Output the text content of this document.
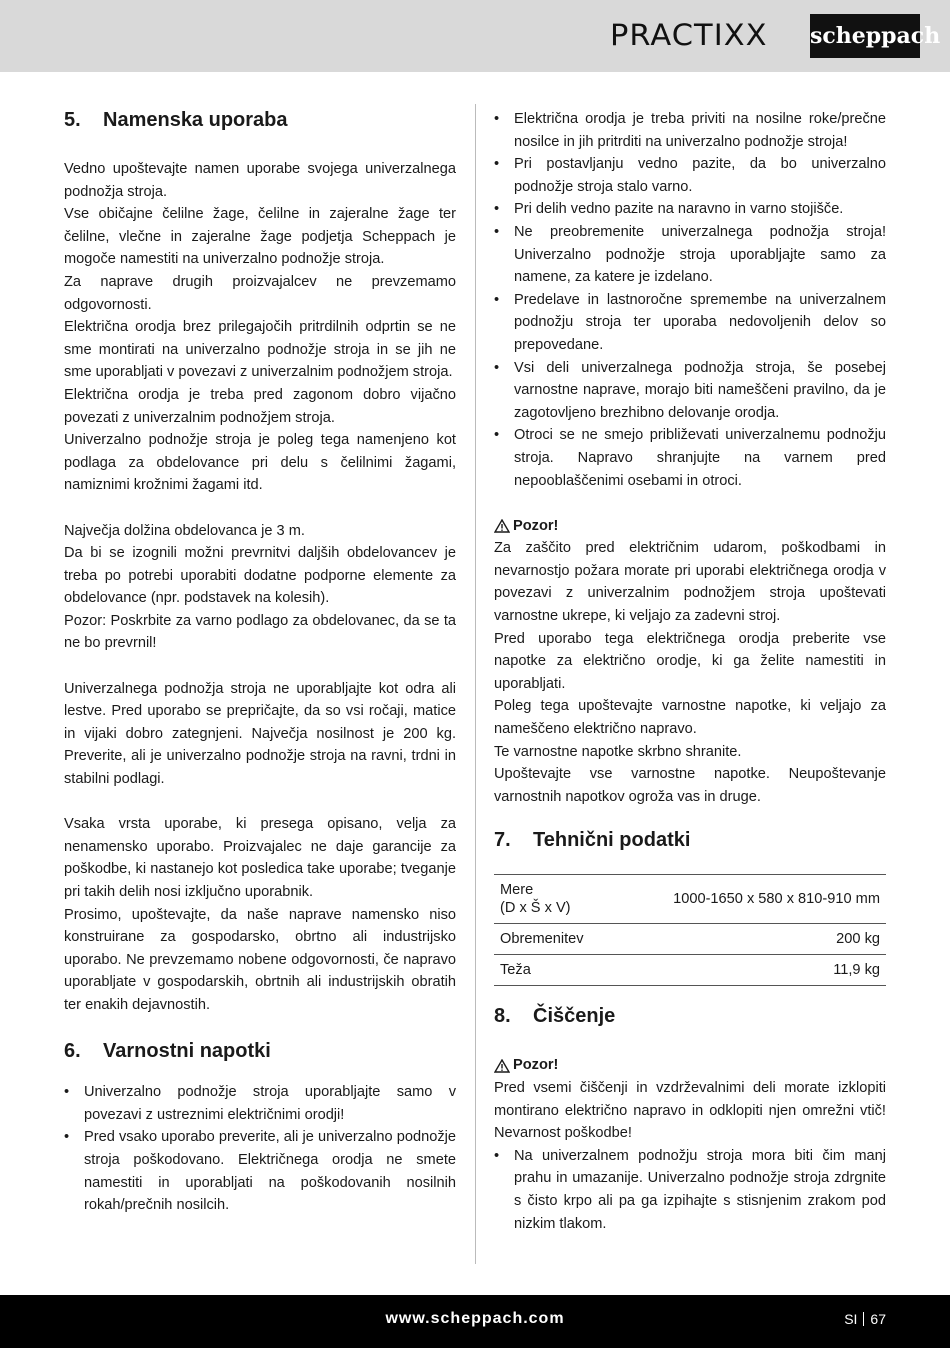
PRACTIXX scheppach
5.	Namenska uporaba

Vedno upoštevajte namen uporabe svojega univerzalnega podnožja stroja.

Vse običajne čelilne žage, čelilne in zajeralne žage ter čelilne, vlečne in zajeralne žage podjetja Scheppach je mogoče namestiti na univerzalno podnožje stroja.

Za naprave drugih proizvajalcev ne prevzemamo odgovornosti.

Električna orodja brez prilegajočih pritrdilnih odprtin se ne sme montirati na univerzalno podnožje stroja in se jih ne sme uporabljati v povezavi z univerzalnim podnožjem stroja.

Električna orodja je treba pred zagonom dobro vijačno povezati z univerzalnim podnožjem stroja.

Univerzalno podnožje stroja je poleg tega namenjeno kot podlaga za obdelovance pri delu s čelilnimi žagami, namiznimi krožnimi žagami itd.

Največja dolžina obdelovanca je 3 m.

Da bi se izognili možni prevrnitvi daljših obdelovancev je treba po potrebi uporabiti dodatne podporne elemente za obdelovance (npr. podstavek na kolesih).

Pozor: Poskrbite za varno podlago za obdelovanec, da se ta ne bo prevrnil!

Univerzalnega podnožja stroja ne uporabljajte kot odra ali lestve. Pred uporabo se prepričajte, da so vsi ročaji, matice in vijaki dobro zategnjeni. Največja nosilnost je 200 kg. Preverite, ali je univerzalno podnožje stroja na ravni, trdni in stabilni podlagi.

Vsaka vrsta uporabe, ki presega opisano, velja za nenamensko uporabo. Proizvajalec ne daje garancije za poškodbe, ki nastanejo kot posledica take uporabe; tveganje pri takih delih nosi izključno uporabnik.

Prosimo, upoštevajte, da naše naprave namensko niso konstruirane za gospodarsko, obrtno ali industrijsko uporabo. Ne prevzemamo nobene odgovornosti, če napravo uporabljate v gospodarskih, obrtnih ali industrijskih obratih ter enakih dejavnostih.

6.	Varnostni napotki
• Univerzalno podnožje stroja uporabljajte samo v povezavi z ustreznimi električnimi orodji!
• Pred vsako uporabo preverite, ali je univerzalno podnožje stroja poškodovano. Električnega orodja ne smete namestiti in uporabljati na poškodovanih nosilnih rokah/prečnih nosilcih.
• Električna orodja je treba priviti na nosilne roke/prečne nosilce in jih pritrditi na univerzalno podnožje stroja!
• Pri postavljanju vedno pazite, da bo univerzalno podnožje stroja stalo varno.
• Pri delih vedno pazite na naravno in varno stojišče.
• Ne preobremenite univerzalnega podnožja stroja! Univerzalno podnožje stroja uporabljajte samo za namene, za katere je izdelano.
• Predelave in lastnoročne spremembe na univerzalnem podnožju stroja ter uporaba nedovoljenih delov so prepovedane.
• Vsi deli univerzalnega podnožja stroja, še posebej varnostne naprave, morajo biti nameščeni pravilno, da je zagotovljeno brezhibno delovanje orodja.
• Otroci se ne smejo približevati univerzalnemu podnožju stroja. Napravo shranjujte na varnem pred nepooblaščenimi osebami in otroci.
Pozor!

Za zaščito pred električnim udarom, poškodbami in nevarnostjo požara morate pri uporabi električnega orodja v povezavi z univerzalnim podnožjem stroja upoštevati varnostne ukrepe, ki veljajo za zadevni stroj.

Pred uporabo tega električnega orodja preberite vse napotke za električno orodje, ki ga želite namestiti in uporabljati.

Poleg tega upoštevajte varnostne napotke, ki veljajo za nameščeno električno napravo.

Te varnostne napotke skrbno shranite.

Upoštevajte vse varnostne napotke. Neupoštevanje varnostnih napotkov ogroža vas in druge.

7.	Tehnični podatki
Mere
(D x Š x V)	1000-1650 x 580 x 810-910 mm
Obremenitev	200 kg
Teža	11,9 kg
8.	Čiščenje
Pozor!

Pred vsemi čiščenji in vzdrževalnimi deli morate izklopiti montirano električno napravo in odklopiti njen omrežni vtič! Nevarnost poškodbe!

• Na univerzalnem podnožju stroja mora biti čim manj prahu in umazanije. Univerzalno podnožje stroja zdrgnite s čisto krpo ali pa ga izpihajte s stisnjenim zrakom pod nizkim tlakom.
www.scheppach.com	SI 67
